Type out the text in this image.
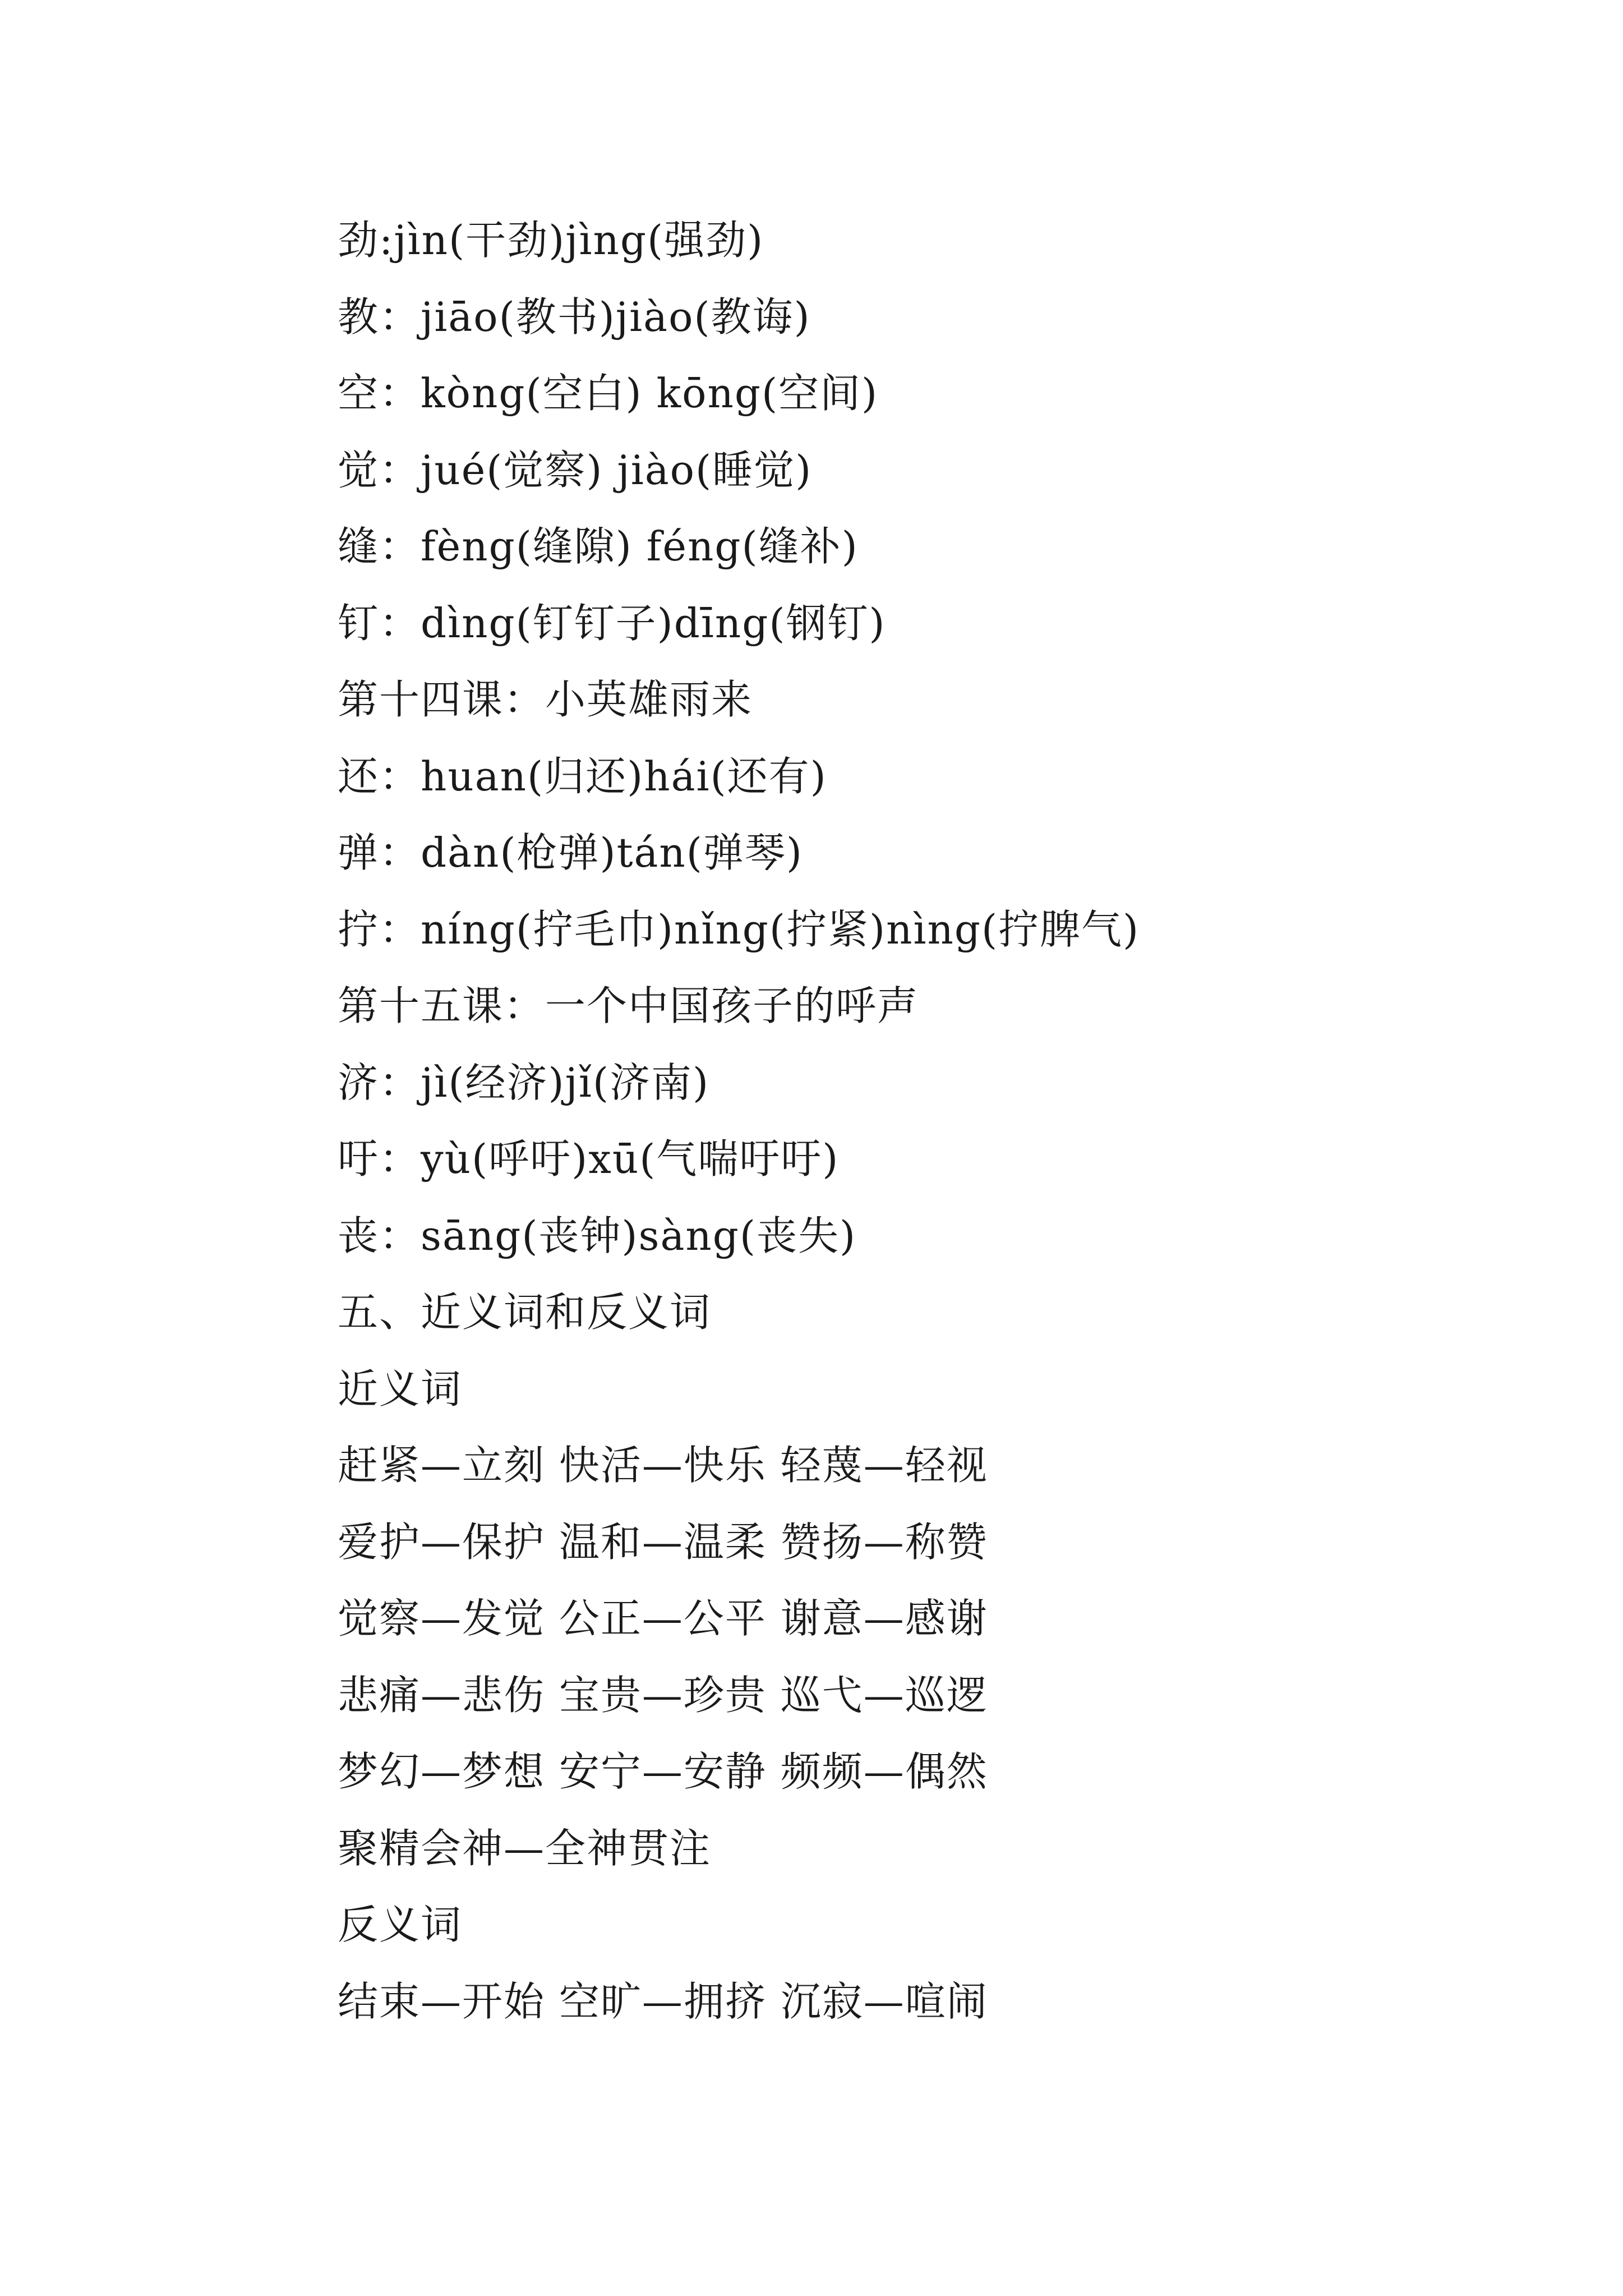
劲:jìn(干劲)jìng(强劲)
教：jiāo(教书)jiào(教诲)
空：kòng(空白) kōng(空间)
觉：jué(觉察) jiào(睡觉)
缝：fèng(缝隙) féng(缝补)
钉：dìng(钉钉子)dīng(钢钉)
第十四课：小英雄雨来
还：huan(归还)hái(还有)
弹：dàn(枪弹)tán(弹琴)
拧：níng(拧毛巾)nǐng(拧紧)nìng(拧脾气)
第十五课：一个中国孩子的呼声
济：jì(经济)jǐ(济南)
吁：yù(呼吁)xū(气喘吁吁)
丧：sāng(丧钟)sàng(丧失)
五、近义词和反义词
近义词
赶紧—立刻 快活—快乐 轻蔑—轻视
爱护—保护 温和—温柔 赞扬—称赞
觉察—发觉 公正—公平 谢意—感谢
悲痛—悲伤 宝贵—珍贵 巡弋—巡逻
梦幻—梦想 安宁—安静 频频—偶然
聚精会神—全神贯注
反义词
结束—开始 空旷—拥挤 沉寂—喧闹
